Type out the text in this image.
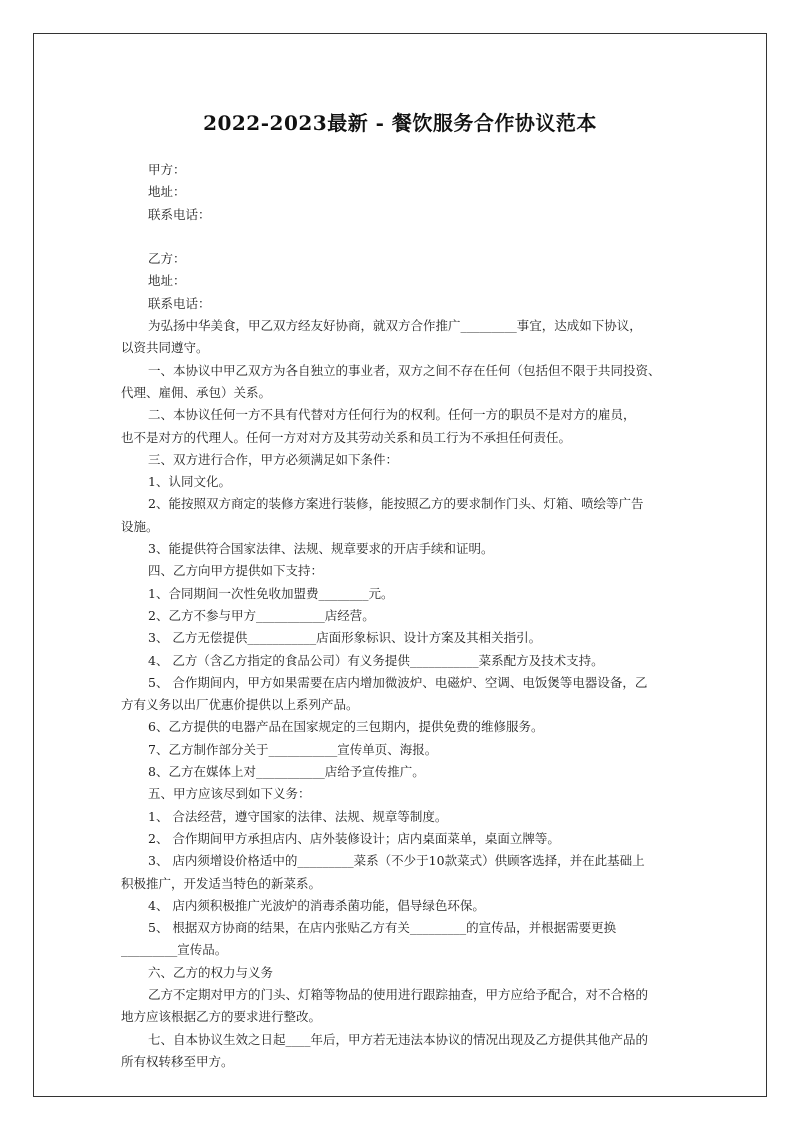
2022-2023最新 - 餐饮服务合作协议范本
甲方：
地址：
联系电话：
乙方：
地址：
联系电话：
为弘扬中华美食，甲乙双方经友好协商，就双方合作推广_________事宜，达成如下协议，
以资共同遵守。
一、本协议中甲乙双方为各自独立的事业者，双方之间不存在任何（包括但不限于共同投资、
代理、雇佣、承包）关系。
二、本协议任何一方不具有代替对方任何行为的权利。任何一方的职员不是对方的雇员，
也不是对方的代理人。任何一方对对方及其劳动关系和员工行为不承担任何责任。
三、双方进行合作，甲方必须满足如下条件：
1、认同文化。
2、能按照双方商定的装修方案进行装修，能按照乙方的要求制作门头、灯箱、喷绘等广告
设施。
3、能提供符合国家法律、法规、规章要求的开店手续和证明。
四、乙方向甲方提供如下支持：
1、合同期间一次性免收加盟费________元。
2、乙方不参与甲方___________店经营。
3、 乙方无偿提供___________店面形象标识、设计方案及其相关指引。
4、 乙方（含乙方指定的食品公司）有义务提供___________菜系配方及技术支持。
5、 合作期间内，甲方如果需要在店内增加微波炉、电磁炉、空调、电饭煲等电器设备，乙
方有义务以出厂优惠价提供以上系列产品。
6、乙方提供的电器产品在国家规定的三包期内，提供免费的维修服务。
7、乙方制作部分关于___________宣传单页、海报。
8、乙方在媒体上对___________店给予宣传推广。
五、甲方应该尽到如下义务：
1、 合法经营，遵守国家的法律、法规、规章等制度。
2、 合作期间甲方承担店内、店外装修设计；店内桌面菜单，桌面立牌等。
3、 店内须增设价格适中的_________菜系（不少于10款菜式）供顾客选择，并在此基础上
积极推广，开发适当特色的新菜系。
4、 店内须积极推广光波炉的消毒杀菌功能，倡导绿色环保。
5、 根据双方协商的结果，在店内张贴乙方有关_________的宣传品，并根据需要更换
_________宣传品。
六、乙方的权力与义务
乙方不定期对甲方的门头、灯箱等物品的使用进行跟踪抽查，甲方应给予配合，对不合格的
地方应该根据乙方的要求进行整改。
七、自本协议生效之日起____年后，甲方若无违法本协议的情况出现及乙方提供其他产品的
所有权转移至甲方。
